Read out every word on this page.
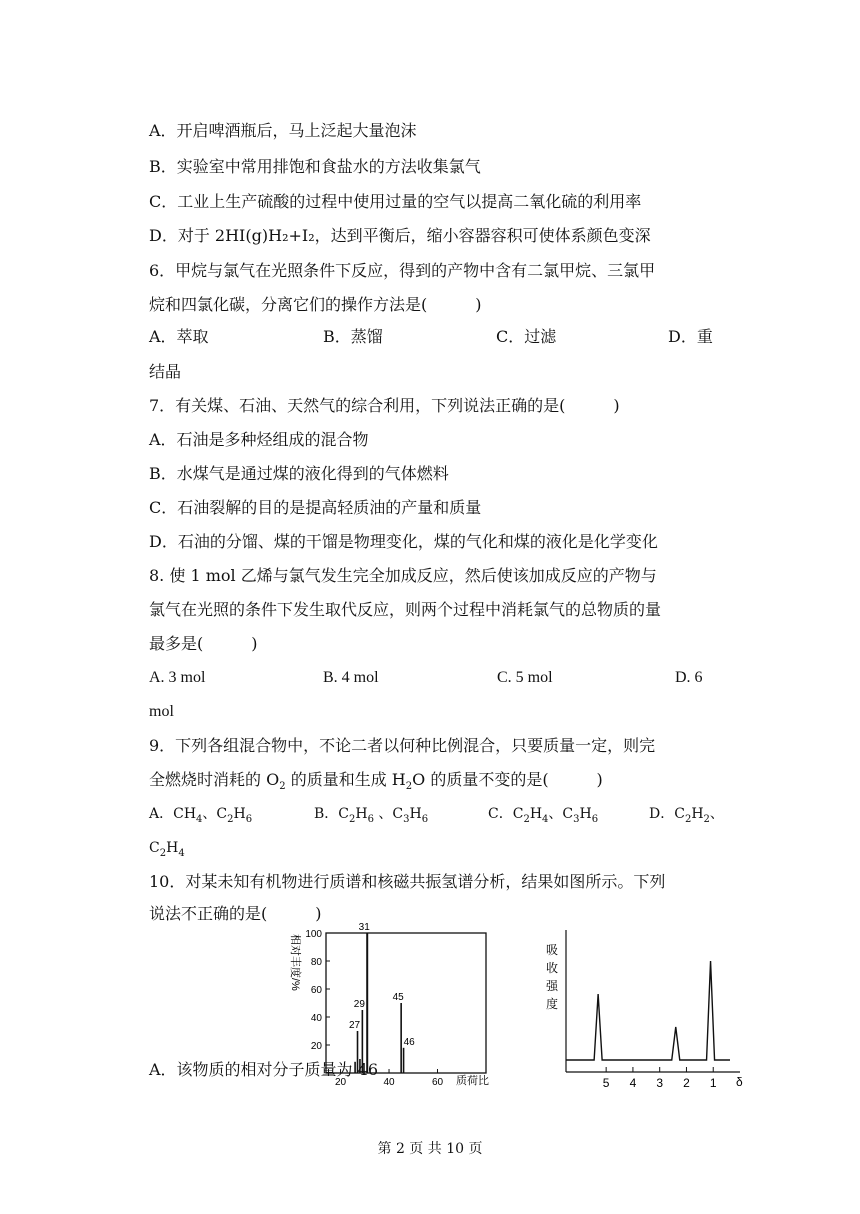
A．开启啤酒瓶后，马上泛起大量泡沫
B．实验室中常用排饱和食盐水的方法收集氯气
C．工业上生产硫酸的过程中使用过量的空气以提高二氧化硫的利用率
D．对于 2HI(g)H₂+I₂，达到平衡后，缩小容器容积可使体系颜色变深
6．甲烷与氯气在光照条件下反应，得到的产物中含有二氯甲烷、三氯甲
烷和四氯化碳，分离它们的操作方法是(　　　)
A．萃取	B．蒸馏	C．过滤	D．重
结晶
7．有关煤、石油、天然气的综合利用，下列说法正确的是(　　　)
A．石油是多种烃组成的混合物
B．水煤气是通过煤的液化得到的气体燃料
C．石油裂解的目的是提高轻质油的产量和质量
D．石油的分馏、煤的干馏是物理变化，煤的气化和煤的液化是化学变化
8. 使 1 mol 乙烯与氯气发生完全加成反应，然后使该加成反应的产物与
氯气在光照的条件下发生取代反应，则两个过程中消耗氯气的总物质的量
最多是(　　　)
A. 3 mol	B. 4 mol	C. 5 mol	D. 6
mol
9．下列各组混合物中，不论二者以何种比例混合，只要质量一定，则完
全燃烧时消耗的 $O_2$ 的质量和生成 $H_2O$ 的质量不变的是(　　　)
A．$CH_4$、$C_2H_6$	B．$C_2H_6$ 、$C_3H_6$	C．$C_2H_4$、$C_3H_6$	D．$C_2H_2$、
$C_2H_4$
10．对某未知有机物进行质谱和核磁共振氢谱分析，结果如图所示。下列
说法不正确的是(　　　)
相对丰度/% 100
80
60
40
20
20	40	60
27
29
31
45
46
质荷比
吸
收
强
度
5 4 3 2 1 δ
A．该物质的相对分子质量为 46
第 2 页 共 10 页
